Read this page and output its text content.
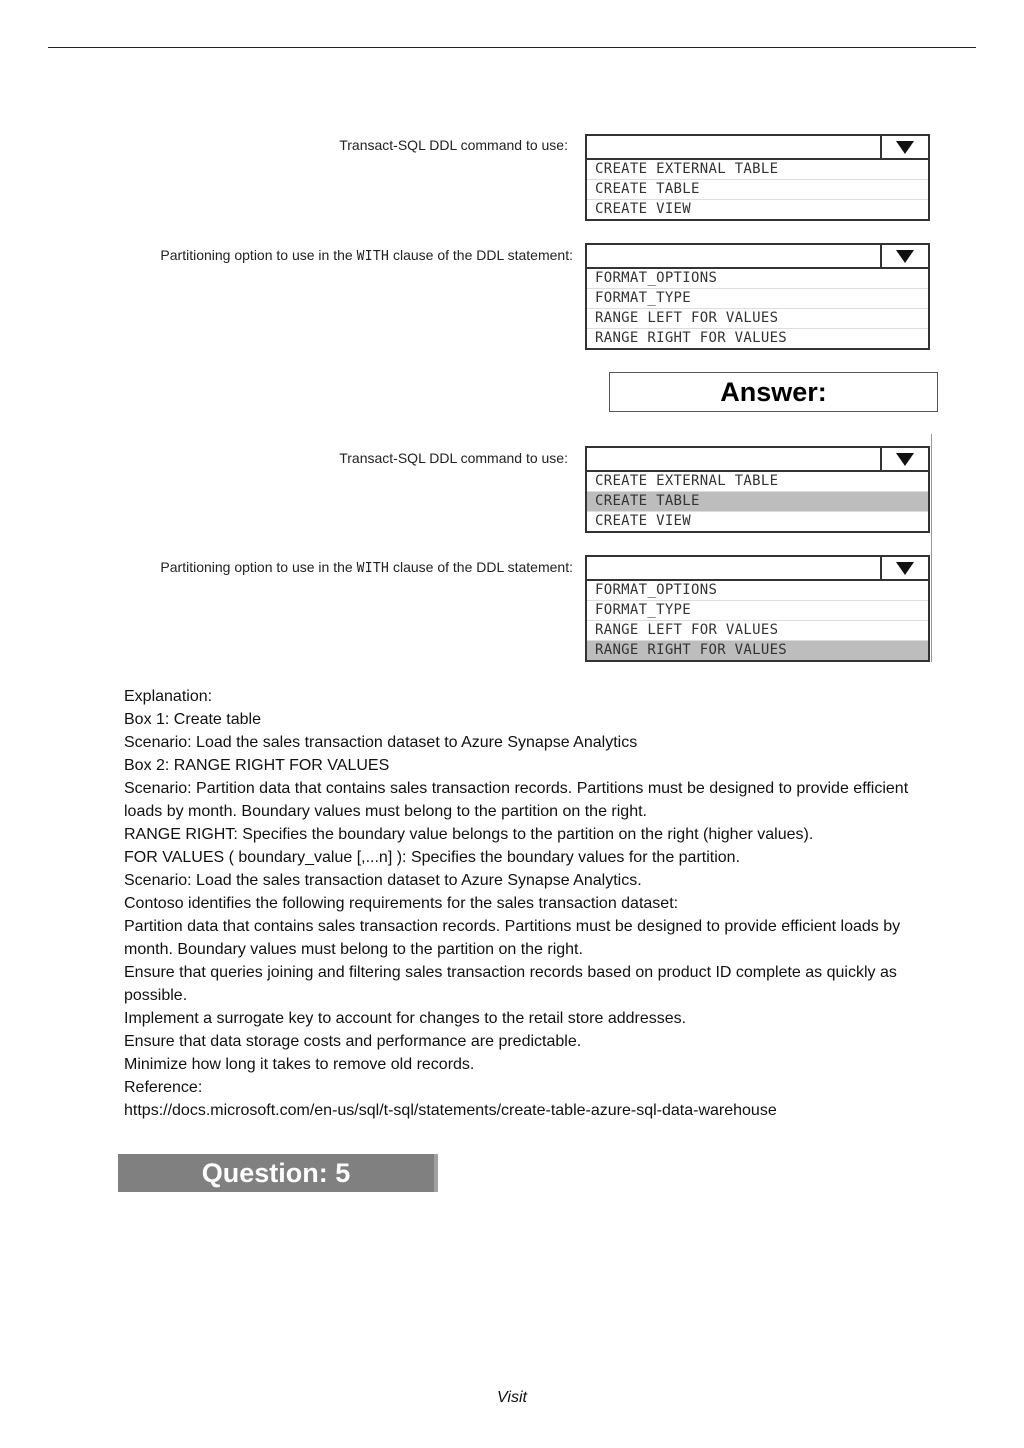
Transact-SQL DDL command to use:
CREATE EXTERNAL TABLE
CREATE TABLE
CREATE VIEW
Partitioning option to use in the WITH clause of the DDL statement:
FORMAT_OPTIONS
FORMAT_TYPE
RANGE LEFT FOR VALUES
RANGE RIGHT FOR VALUES
Answer:
Transact-SQL DDL command to use:
CREATE EXTERNAL TABLE
CREATE TABLE
CREATE VIEW
Partitioning option to use in the WITH clause of the DDL statement:
FORMAT_OPTIONS
FORMAT_TYPE
RANGE LEFT FOR VALUES
RANGE RIGHT FOR VALUES

Explanation:

Box 1: Create table

Scenario: Load the sales transaction dataset to Azure Synapse Analytics

Box 2: RANGE RIGHT FOR VALUES

Scenario: Partition data that contains sales transaction records. Partitions must be designed to provide efficient loads by month. Boundary values must belong to the partition on the right.

RANGE RIGHT: Specifies the boundary value belongs to the partition on the right (higher values).

FOR VALUES ( boundary_value [,...n] ): Specifies the boundary values for the partition.

Scenario: Load the sales transaction dataset to Azure Synapse Analytics.

Contoso identifies the following requirements for the sales transaction dataset:

Partition data that contains sales transaction records. Partitions must be designed to provide efficient loads by month. Boundary values must belong to the partition on the right.

Ensure that queries joining and filtering sales transaction records based on product ID complete as quickly as possible.

Implement a surrogate key to account for changes to the retail store addresses.

Ensure that data storage costs and performance are predictable.

Minimize how long it takes to remove old records.

Reference:

https://docs.microsoft.com/en-us/sql/t-sql/statements/create-table-azure-sql-data-warehouse

Question: 5
Visit
